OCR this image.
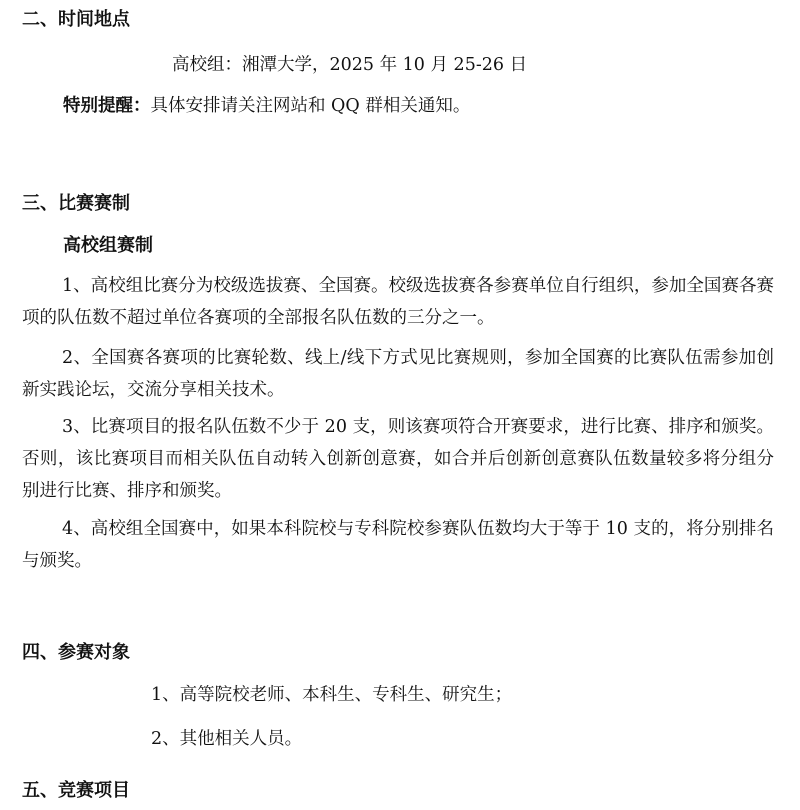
二、时间地点

高校组：湘潭大学，2025 年 10 月 25-26 日

特别提醒：具体安排请关注网站和 QQ 群相关通知。

三、比赛赛制
高校组赛制

1、高校组比赛分为校级选拔赛、全国赛。校级选拔赛各参赛单位自行组织，参加全国赛各赛项的队伍数不超过单位各赛项的全部报名队伍数的三分之一。

2、全国赛各赛项的比赛轮数、线上/线下方式见比赛规则，参加全国赛的比赛队伍需参加创新实践论坛，交流分享相关技术。

3、比赛项目的报名队伍数不少于 20 支，则该赛项符合开赛要求，进行比赛、排序和颁奖。否则，该比赛项目而相关队伍自动转入创新创意赛，如合并后创新创意赛队伍数量较多将分组分别进行比赛、排序和颁奖。

4、高校组全国赛中，如果本科院校与专科院校参赛队伍数均大于等于 10 支的，将分别排名与颁奖。

四、参赛对象

1、高等院校老师、本科生、专科生、研究生；

2、其他相关人员。

五、竞赛项目
